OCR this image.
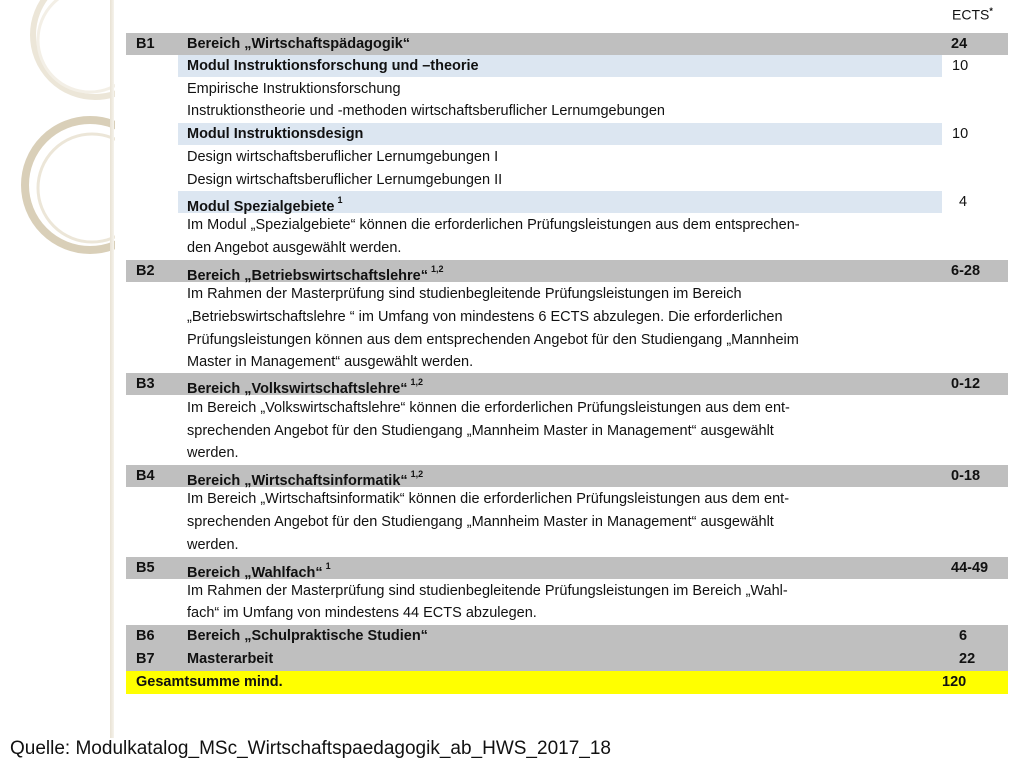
ECTS*
B1 Bereich „Wirtschaftspädagogik“	24
Modul Instruktionsforschung und –theorie	10
Empirische Instruktionsforschung
Instruktionstheorie und -methoden wirtschaftsberuflicher Lernumgebungen
Modul Instruktionsdesign	10
Design wirtschaftsberuflicher Lernumgebungen I
Design wirtschaftsberuflicher Lernumgebungen II
Modul Spezialgebiete $^1$	4
Im Modul „Spezialgebiete“ können die erforderlichen Prüfungsleistungen aus dem entsprechen-
den Angebot ausgewählt werden.
B2 Bereich „Betriebswirtschaftslehre“ $^{1,2}$	6-28
Im Rahmen der Masterprüfung sind studienbegleitende Prüfungsleistungen im Bereich
„Betriebswirtschaftslehre “ im Umfang von mindestens 6 ECTS abzulegen. Die erforderlichen
Prüfungsleistungen können aus dem entsprechenden Angebot für den Studiengang „Mannheim
Master in Management“ ausgewählt werden.
B3 Bereich „Volkswirtschaftslehre“ $^{1,2}$	0-12
Im Bereich „Volkswirtschaftslehre“ können die erforderlichen Prüfungsleistungen aus dem ent-
sprechenden Angebot für den Studiengang „Mannheim Master in Management“ ausgewählt
werden.
B4 Bereich „Wirtschaftsinformatik“ $^{1,2}$	0-18
Im Bereich „Wirtschaftsinformatik“ können die erforderlichen Prüfungsleistungen aus dem ent-
sprechenden Angebot für den Studiengang „Mannheim Master in Management“ ausgewählt
werden.
B5 Bereich „Wahlfach“ $^1$	44-49
Im Rahmen der Masterprüfung sind studienbegleitende Prüfungsleistungen im Bereich „Wahl-
fach“ im Umfang von mindestens 44 ECTS abzulegen.
B6 Bereich „Schulpraktische Studien“	6
B7 Masterarbeit	22
Gesamtsumme mind.	120
Quelle: Modulkatalog_MSc_Wirtschaftspaedagogik_ab_HWS_2017_18
